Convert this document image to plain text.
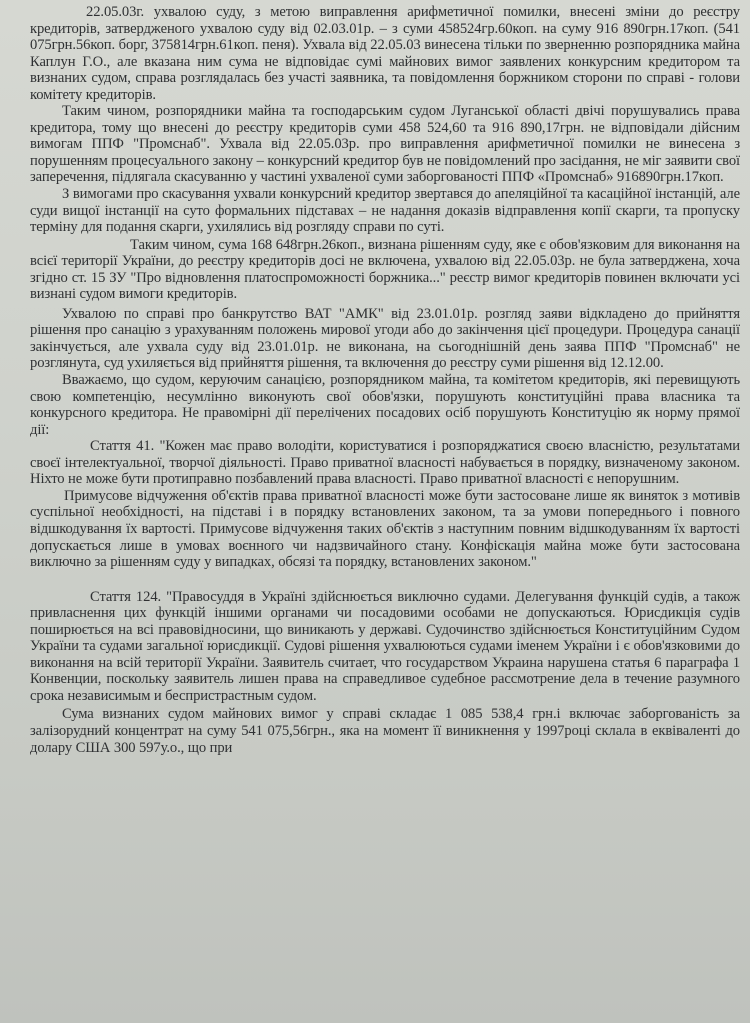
22.05.03г. ухвалою суду, з метою виправлення арифметичної помилки, внесені зміни до реєстру кредиторів, затвердженого ухвалою суду від 02.03.01р. – з суми 458524гр.60коп. на суму 916 890грн.17коп. (541 075грн.56коп. борг, 375814грн.61коп. пеня). Ухвала від 22.05.03 винесена тільки по зверненню розпорядника майна Каплун Г.О., але вказана ним сума не відповідає сумі майнових вимог заявлених конкурсним кредитором та визнаних судом, справа розглядалась без участі заявника, та повідомлення боржником сторони по справі - голови комітету кредиторів.

Таким чином, розпорядники майна та господарським судом Луганської області двічі порушувались права кредитора, тому що внесені до реєстру кредиторів суми 458 524,60 та 916 890,17грн. не відповідали дійсним вимогам ППФ "Промснаб". Ухвала від 22.05.03р. про виправлення арифметичної помилки не винесена з порушенням процесуального закону – конкурсний кредитор був не повідомлений про засідання, не міг заявити свої заперечення, підлягала скасуванню у частині ухваленої суми заборгованості ППФ «Промснаб» 916890грн.17коп.

З вимогами про скасування ухвали конкурсний кредитор звертався до апеляційної та касаційної інстанцій, але суди вищої інстанції на суто формальних підставах – не надання доказів відправлення копії скарги, та пропуску терміну для подання скарги, ухилялись від розгляду справи по суті.

Таким чином, сума 168 648грн.26коп., визнана рішенням суду, яке є обов'язковим для виконання на всієї території України, до реєстру кредиторів досі не включена, ухвалою від 22.05.03р. не була затверджена, хоча згідно ст. 15 ЗУ "Про відновлення платоспроможності боржника..." реєстр вимог кредиторів повинен включати усі визнані судом вимоги кредиторів.

Ухвалою по справі про банкрутство ВАТ "АМК" від 23.01.01р. розгляд заяви відкладено до прийняття рішення про санацію з урахуванням положень мирової угоди або до закінчення цієї процедури. Процедура санації закінчується, але ухвала суду від 23.01.01р. не виконана, на сьогоднішній день заява ППФ "Промснаб" не розглянута, суд ухиляється від прийняття рішення, та включення до реєстру суми рішення від 12.12.00.

Вважаємо, що судом, керуючим санацією, розпорядником майна, та комітетом кредиторів, які перевищують свою компетенцію, несумлінно виконують свої обов'язки, порушують конституційні права власника та конкурсного кредитора. Не правомірні дії перелічених посадових осіб порушують Конституцію як норму прямої дії:

Стаття 41. "Кожен має право володіти, користуватися і розпоряджатися своєю власністю, результатами своєї інтелектуальної, творчої діяльності. Право приватної власності набувається в порядку, визначеному законом. Ніхто не може бути протиправно позбавлений права власності. Право приватної власності є непорушним.

Примусове відчуження об'єктів права приватної власності може бути застосоване лише як виняток з мотивів суспільної необхідності, на підставі і в порядку встановлених законом, та за умови попереднього і повного відшкодування їх вартості. Примусове відчуження таких об'єктів з наступним повним відшкодуванням їх вартості допускається лише в умовах воєнного чи надзвичайного стану. Конфіскація майна може бути застосована виключно за рішенням суду у випадках, обсязі та порядку, встановлених законом."

Стаття 124. "Правосуддя в Україні здійснюється виключно судами. Делегування функцій судів, а також привласнення цих функцій іншими органами чи посадовими особами не допускаються. Юрисдикція судів поширюється на всі правовідносини, що виникають у державі. Судочинство здійснюється Конституційним Судом України та судами загальної юрисдикції. Судові рішення ухвалюються судами іменем України і є обов'язковими до виконання на всій території України. Заявитель считает, что государством Украина нарушена статья 6 параграфа 1 Конвенции, поскольку заявитель лишен права на справедливое судебное рассмотрение дела в течение разумного срока независимым и беспристрастным судом.

Сума визнаних судом майнових вимог у справі складає 1 085 538,4 грн.і включає заборгованість за залізорудний концентрат на суму 541 075,56грн., яка на момент її виникнення у 1997році склала в еквіваленті до долару США 300 597у.о., що при
